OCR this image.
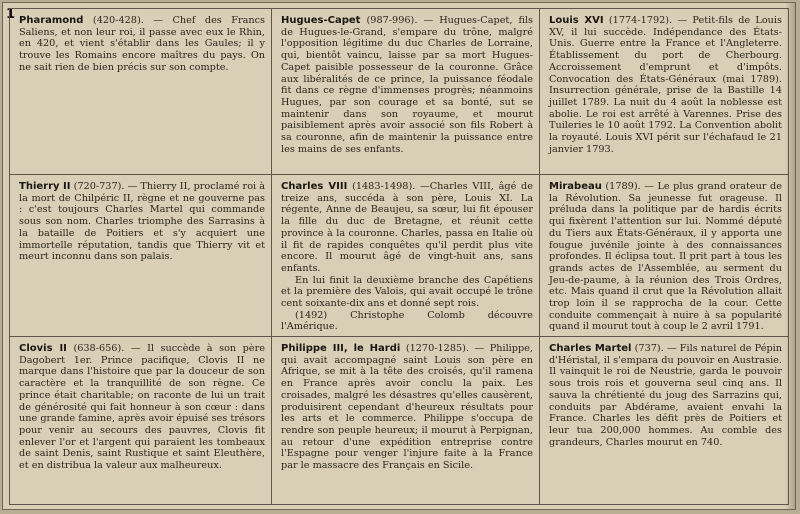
1 Pharamond (420-428). — Chef des Francs Saliens, et non leur roi, il passe avec eux le Rhin, en 420, et vient s'établir dans les Gaules; il y trouve les Romains encore maîtres du pays. On ne sait rien de bien précis sur son compte.

Hugues-Capet (987-996). — Hugues-Capet, fils de Hugues-le-Grand, s'empare du trône, malgré l'opposition légitime du duc Charles de Lorraine, qui, bientôt vaincu, laisse par sa mort Hugues-Capet paisible possesseur de la couronne. Grâce aux libéralités de ce prince, la puissance féodale fit dans ce règne d'immenses progrès; néanmoins Hugues, par son courage et sa bonté, sut se maintenir dans son royaume, et mourut paisiblement après avoir associé son fils Robert à sa couronne, afin de maintenir la puissance entre les mains de ses enfants.

Louis XVI (1774-1792). — Petit-fils de Louis XV, il lui succède. Indépendance des États-Unis. Guerre entre la France et l'Angleterre. Établissement du port de Cherbourg. Accroissement d'emprunt et d'impôts. Convocation des États-Généraux (mai 1789). Insurrection générale, prise de la Bastille 14 juillet 1789. La nuit du 4 août la noblesse est abolie. Le roi est arrêté à Varennes. Prise des Tuileries le 10 août 1792. La Convention abolit la royauté. Louis XVI périt sur l'échafaud le 21 janvier 1793.

Thierry II (720-737). — Thierry II, proclamé roi à la mort de Chilpéric II, règne et ne gouverne pas : c'est toujours Charles Martel qui commande sous son nom. Charles triomphe des Sarrasins à la bataille de Poitiers et s'y acquiert une immortelle réputation, tandis que Thierry vit et meurt inconnu dans son palais.

Charles VIII (1483-1498). —Charles VIII, âgé de treize ans, succéda à son père, Louis XI. La régente, Anne de Beaujeu, sa sœur, lui fit épouser la fille du duc de Bretagne, et réunit cette province à la couronne. Charles, passa en Italie où il fit de rapides conquêtes qu'il perdit plus vite encore. Il mourut âgé de vingt-huit ans, sans enfants.

En lui finit la deuxième branche des Capétiens et la première des Valois, qui avait occupé le trône cent soixante-dix ans et donné sept rois.

(1492) Christophe Colomb découvre l'Amérique.

Mirabeau (1789). — Le plus grand orateur de la Révolution. Sa jeunesse fut orageuse. Il préluda dans la politique par de hardis écrits qui fixèrent l'attention sur lui. Nommé député du Tiers aux États-Généraux, il y apporta une fougue juvénile jointe à des connaissances profondes. Il éclipsa tout. Il prit part à tous les grands actes de l'Assemblée, au serment du Jeu-de-paume, à la réunion des Trois Ordres, etc. Mais quand il crut que la Révolution allait trop loin il se rapprocha de la cour. Cette conduite commençait à nuire à sa popularité quand il mourut tout à coup le 2 avril 1791.

Clovis II (638-656). — Il succède à son père Dagobert 1er. Prince pacifique, Clovis II ne marque dans l'histoire que par la douceur de son caractère et la tranquillité de son règne. Ce prince était charitable; on raconte de lui un trait de générosité qui fait honneur à son cœur : dans une grande famine, après avoir épuisé ses trésors pour venir au secours des pauvres, Clovis fit enlever l'or et l'argent qui paraient les tombeaux de saint Denis, saint Rustique et saint Eleuthère, et en distribua la valeur aux malheureux.

Philippe III, le Hardi (1270-1285). — Philippe, qui avait accompagné saint Louis son père en Afrique, se mit à la tête des croisés, qu'il ramena en France après avoir conclu la paix. Les croisades, malgré les désastres qu'elles causèrent, produisirent cependant d'heureux résultats pour les arts et le commerce. Philippe s'occupa de rendre son peuple heureux; il mourut à Perpignan, au retour d'une expédition entreprise contre l'Espagne pour venger l'injure faite à la France par le massacre des Français en Sicile.

Charles Martel (737). — Fils naturel de Pépin d'Héristal, il s'empara du pouvoir en Austrasie. Il vainquit le roi de Neustrie, garda le pouvoir sous trois rois et gouverna seul cinq ans. Il sauva la chrétienté du joug des Sarrazins qui, conduits par Abdérame, avaient envahi la France. Charles les défit près de Poitiers et leur tua 200,000 hommes. Au comble des grandeurs, Charles mourut en 740.
